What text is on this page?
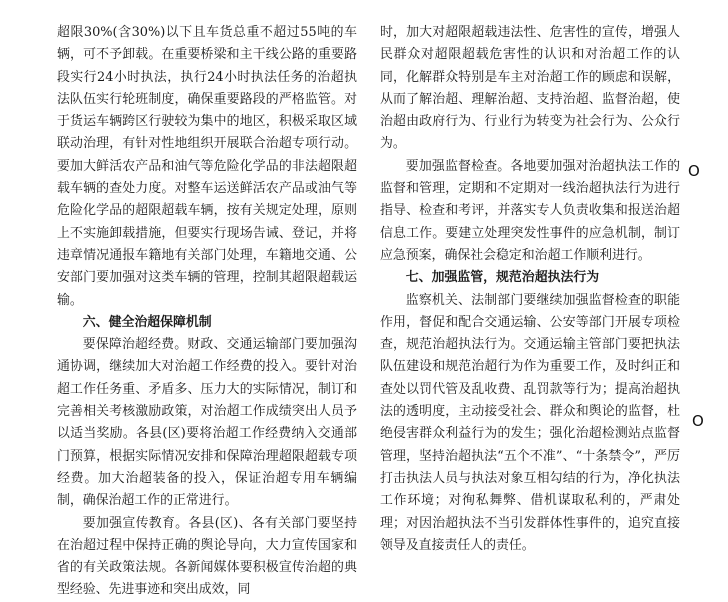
超限30%(含30%)以下且车货总重不超过55吨的车辆，可不予卸载。在重要桥梁和主干线公路的重要路段实行24小时执法，执行24小时执法任务的治超执法队伍实行轮班制度，确保重要路段的严格监管。对于货运车辆跨区行驶较为集中的地区，积极采取区域联动治理，有针对性地组织开展联合治超专项行动。要加大鲜活农产品和油气等危险化学品的非法超限超载车辆的查处力度。对整车运送鲜活农产品或油气等危险化学品的超限超载车辆，按有关规定处理，原则上不实施卸载措施，但要实行现场告诫、登记，并将违章情况通报车籍地有关部门处理，车籍地交通、公安部门要加强对这类车辆的管理，控制其超限超载运输。

六、健全治超保障机制

要保障治超经费。财政、交通运输部门要加强沟通协调，继续加大对治超工作经费的投入。要针对治超工作任务重、矛盾多、压力大的实际情况，制订和完善相关考核激励政策，对治超工作成绩突出人员予以适当奖励。各县(区)要将治超工作经费纳入交通部门预算，根据实际情况安排和保障治理超限超载专项经费。加大治超装备的投入，保证治超专用车辆编制，确保治超工作的正常进行。

要加强宣传教育。各县(区)、各有关部门要坚持在治超过程中保持正确的舆论导向，大力宣传国家和省的有关政策法规。各新闻媒体要积极宣传治超的典型经验、先进事迹和突出成效，同

时，加大对超限超载违法性、危害性的宣传，增强人民群众对超限超载危害性的认识和对治超工作的认同，化解群众特别是车主对治超工作的顾虑和误解，从而了解治超、理解治超、支持治超、监督治超，使治超由政府行为、行业行为转变为社会行为、公众行为。

要加强监督检查。各地要加强对治超执法工作的监督和管理，定期和不定期对一线治超执法行为进行指导、检查和考评，并落实专人负责收集和报送治超信息工作。要建立处理突发性事件的应急机制，制订应急预案，确保社会稳定和治超工作顺利进行。

七、加强监管，规范治超执法行为

监察机关、法制部门要继续加强监督检查的职能作用，督促和配合交通运输、公安等部门开展专项检查，规范治超执法行为。交通运输主管部门要把执法队伍建设和规范治超行为作为重要工作，及时纠正和查处以罚代管及乱收费、乱罚款等行为；提高治超执法的透明度，主动接受社会、群众和舆论的监督，杜绝侵害群众利益行为的发生；强化治超检测站点监督管理，坚持治超执法“五个不准”、“十条禁令”，严厉打击执法人员与执法对象互相勾结的行为，净化执法工作环境；对徇私舞弊、借机谋取私利的，严肃处理；对因治超执法不当引发群体性事件的，追究直接领导及直接责任人的责任。

O
O
